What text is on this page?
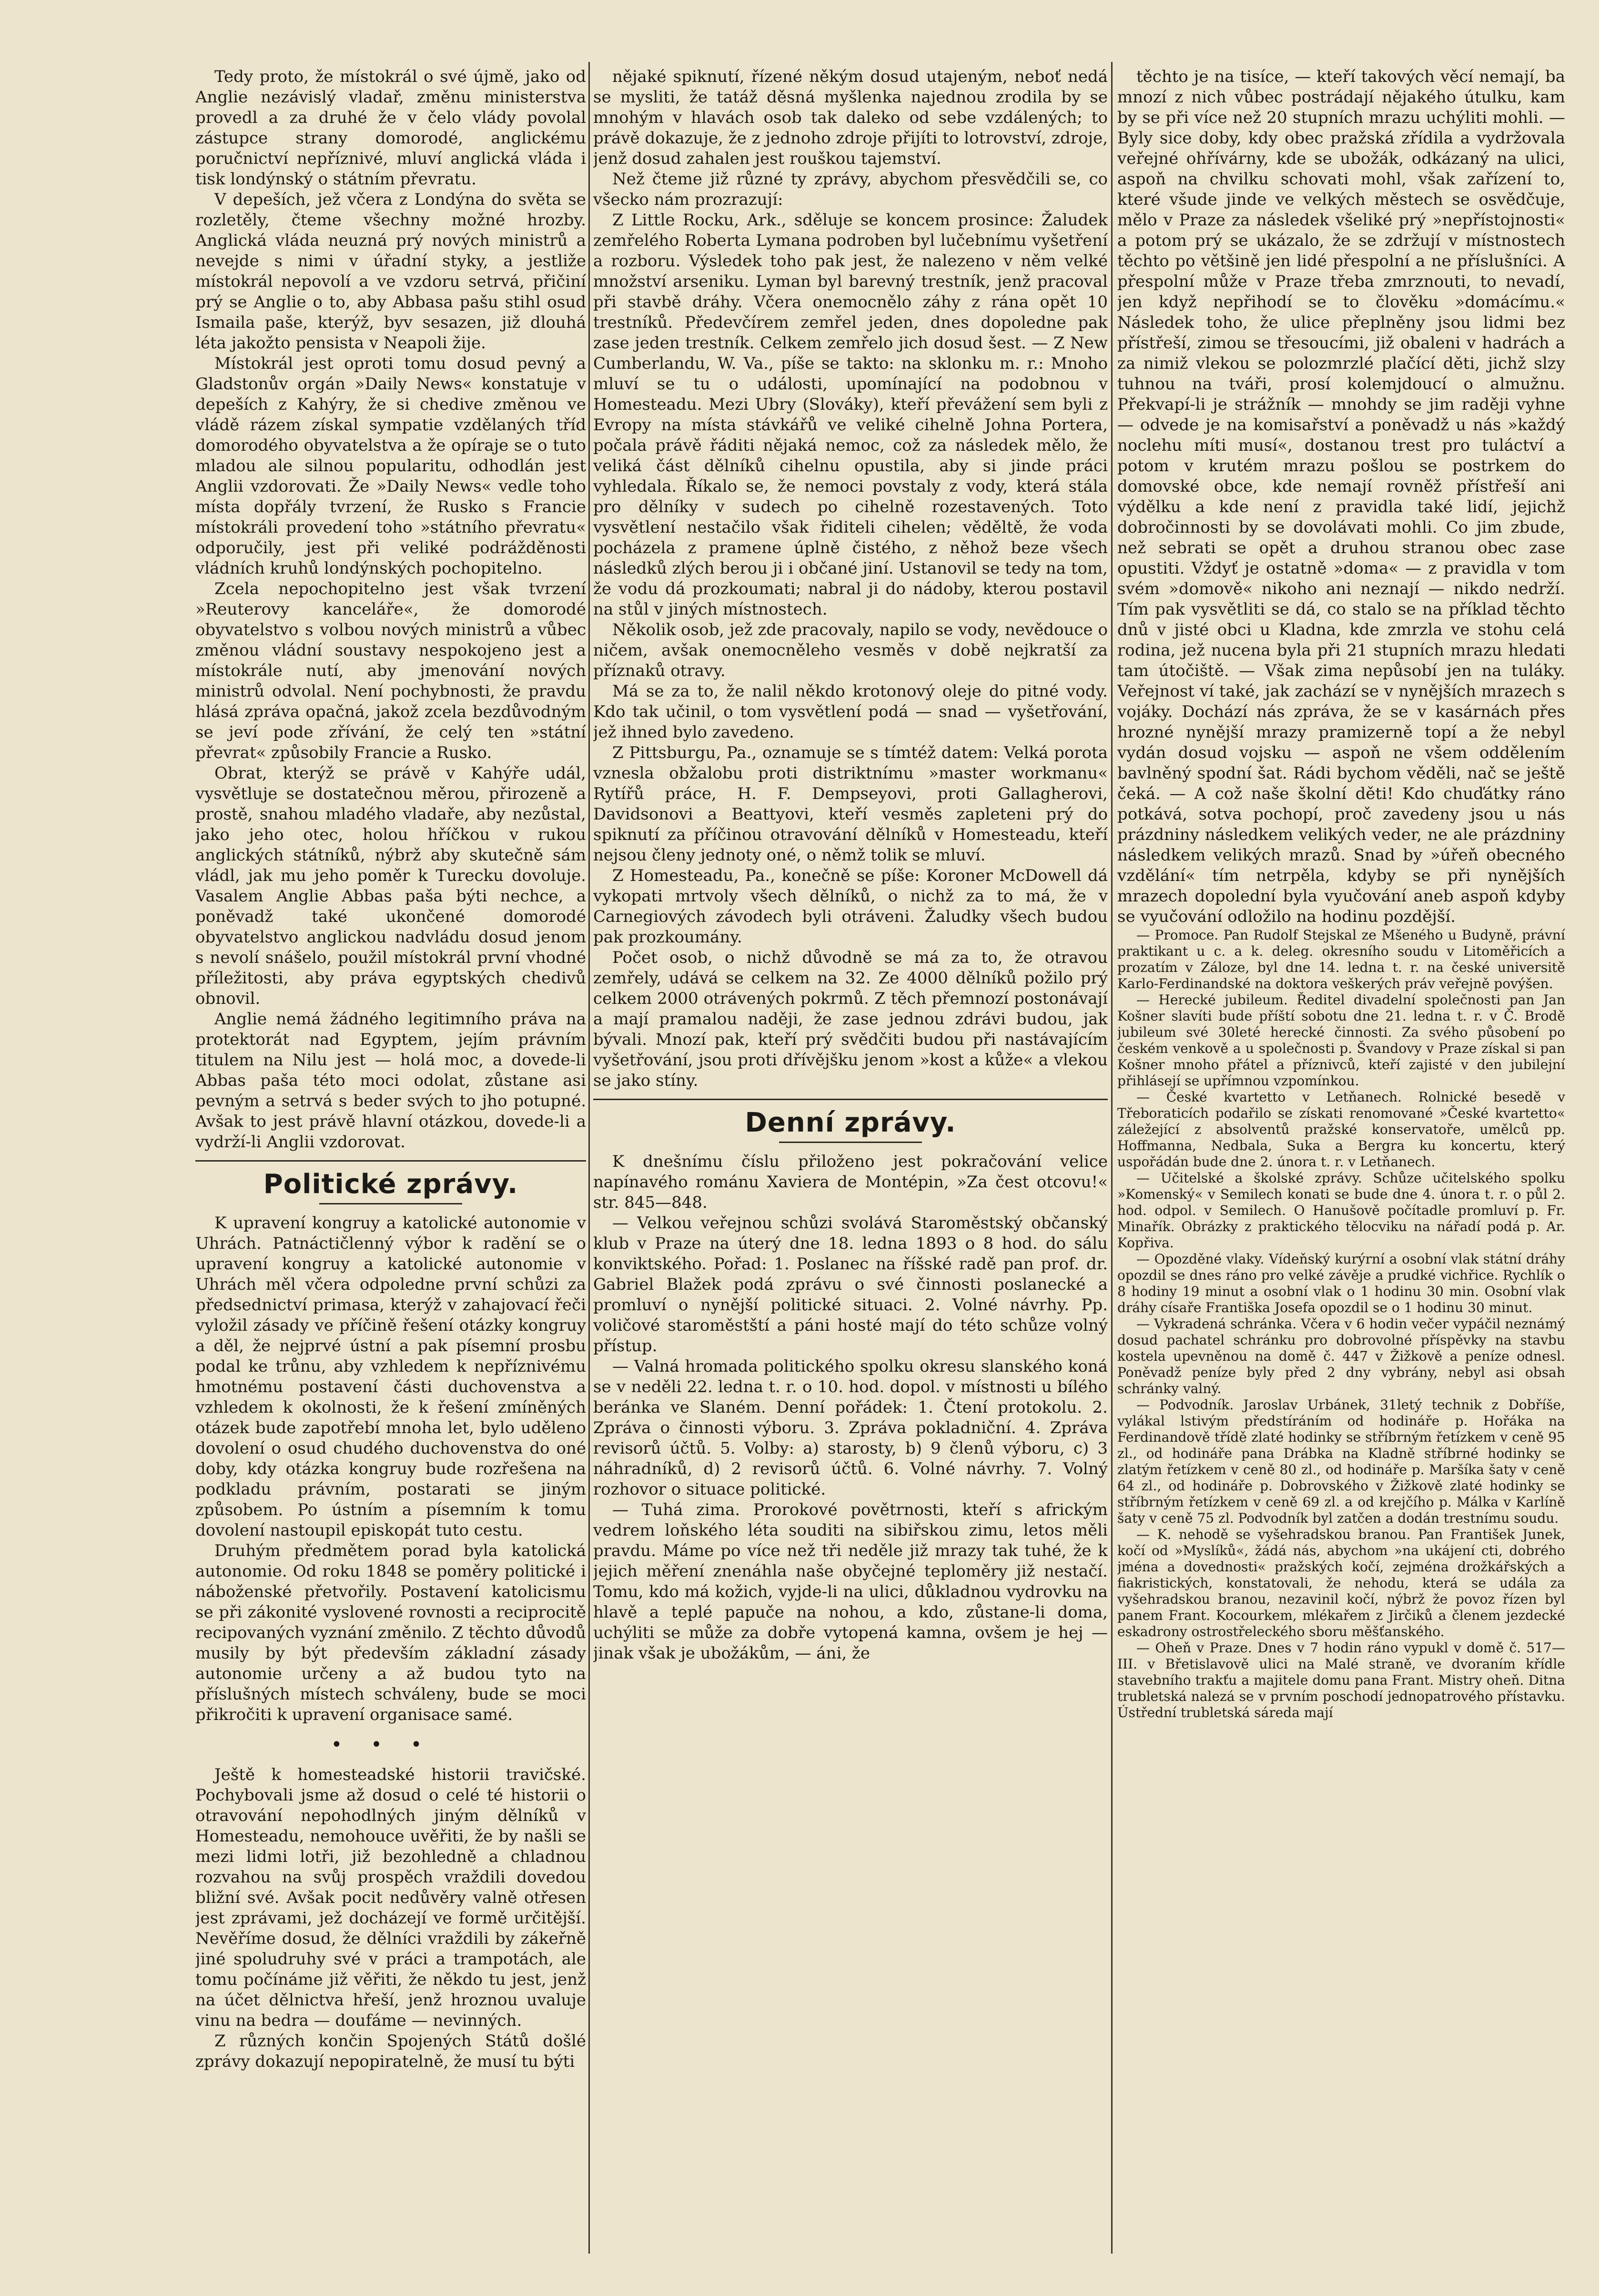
Tedy proto, že místokrál o své újmě, jako od Anglie nezávislý vladař, změnu ministerstva provedl a za druhé že v čelo vlády povolal zástupce strany domorodé, anglickému poručnictví nepříznivé, mluví anglická vláda i tisk londýnský o státním převratu.

V depeších, jež včera z Londýna do světa se rozletěly, čteme všechny možné hrozby. Anglická vláda neuzná prý nových ministrů a nevejde s nimi v úřadní styky, a jestliže místokrál nepovolí a ve vzdoru setrvá, přičiní prý se Anglie o to, aby Abbasa pašu stihl osud Ismaila paše, kterýž, byv sesazen, již dlouhá léta jakožto pensista v Neapoli žije.

Místokrál jest oproti tomu dosud pevný a Gladstonův orgán »Daily News« konstatuje v depeších z Kahýry, že si chedive změnou ve vládě rázem získal sympatie vzdělaných tříd domorodého obyvatelstva a že opíraje se o tuto mladou ale silnou popularitu, odhodlán jest Anglii vzdorovati. Že »Daily News« vedle toho místa dopřály tvrzení, že Rusko s Francie místokráli provedení toho »státního převratu« odporučily, jest při veliké podrážděnosti vládních kruhů londýnských pochopitelno.

Zcela nepochopitelno jest však tvrzení »Reuterovy kanceláře«, že domorodé obyvatelstvo s volbou nových ministrů a vůbec změnou vládní soustavy nespokojeno jest a místokrále nutí, aby jmenování nových ministrů odvolal. Není pochybnosti, že pravdu hlásá zpráva opačná, jakož zcela bezdůvodným se jeví pode zřívání, že celý ten »státní převrat« způsobily Francie a Rusko.

Obrat, kterýž se právě v Kahýře udál, vysvětluje se dostatečnou měrou, přirozeně a prostě, snahou mladého vladaře, aby nezůstal, jako jeho otec, holou hříčkou v rukou anglických státníků, nýbrž aby skutečně sám vládl, jak mu jeho poměr k Turecku dovoluje. Vasalem Anglie Abbas paša býti nechce, a poněvadž také ukončené domorodé obyvatelstvo anglickou nadvládu dosud jenom s nevolí snášelo, použil místokrál první vhodné příležitosti, aby práva egyptských chedivů obnovil.

Anglie nemá žádného legitimního práva na protektorát nad Egyptem, jejím právním titulem na Nilu jest — holá moc, a dovede-li Abbas paša této moci odolat, zůstane asi pevným a setrvá s beder svých to jho potupné. Avšak to jest právě hlavní otázkou, dovede-li a vydrží-li Anglii vzdorovat.

Politické zprávy.

K upravení kongruy a katolické autonomie v Uhrách. Patnáctičlenný výbor k radění se o upravení kongruy a katolické autonomie v Uhrách měl včera odpoledne první schůzi za předsednictví primasa, kterýž v zahajovací řeči vyložil zásady ve příčině řešení otázky kongruy a děl, že nejprvé ústní a pak písemní prosbu podal ke trůnu, aby vzhledem k nepříznivému hmotnému postavení části duchovenstva a vzhledem k okolnosti, že k řešení zmíněných otázek bude zapotřebí mnoha let, bylo uděleno dovolení o osud chudého duchovenstva do oné doby, kdy otázka kongruy bude rozřešena na podkladu právním, postarati se jiným způsobem. Po ústním a písemním k tomu dovolení nastoupil episkopát tuto cestu.

Druhým předmětem porad byla katolická autonomie. Od roku 1848 se poměry politické i náboženské přetvořily. Postavení katolicismu se při zákonité vyslovené rovnosti a reciprocitě recipovaných vyznání změnilo. Z těchto důvodů musily by být především základní zásady autonomie určeny a až budou tyto na příslušných místech schváleny, bude se moci přikročiti k upravení organisace samé.

•••

Ještě k homesteadské historii travičské. Pochybovali jsme až dosud o celé té historii o otravování nepohodlných jiným dělníků v Homesteadu, nemohouce uvěřiti, že by našli se mezi lidmi lotři, již bezohledně a chladnou rozvahou na svůj prospěch vraždili dovedou bližní své. Avšak pocit nedůvěry valně otřesen jest zprávami, jež docházejí ve formě určitější. Nevěříme dosud, že dělníci vraždili by zákeřně jiné spoludruhy své v práci a trampotách, ale tomu počínáme již věřiti, že někdo tu jest, jenž na účet dělnictva hřeší, jenž hroznou uvaluje vinu na bedra — doufáme — nevinných.

Z různých končin Spojených Států došlé zprávy dokazují nepopiratelně, že musí tu býti

nějaké spiknutí, řízené někým dosud utajeným, neboť nedá se mysliti, že tatáž děsná myšlenka najednou zrodila by se mnohým v hlavách osob tak daleko od sebe vzdálených; to právě dokazuje, že z jednoho zdroje přijíti to lotrovství, zdroje, jenž dosud zahalen jest rouškou tajemství.

Než čteme již různé ty zprávy, abychom přesvědčili se, co všecko nám prozrazují:

Z Little Rocku, Ark., sděluje se koncem prosince: Žaludek zemřelého Roberta Lymana podroben byl lučebnímu vyšetření a rozboru. Výsledek toho pak jest, že nalezeno v něm velké množství arseniku. Lyman byl barevný trestník, jenž pracoval při stavbě dráhy. Včera onemocnělo záhy z rána opět 10 trestníků. Předevčírem zemřel jeden, dnes dopoledne pak zase jeden trestník. Celkem zemřelo jich dosud šest. — Z New Cumberlandu, W. Va., píše se takto: na sklonku m. r.: Mnoho mluví se tu o události, upomínající na podobnou v Homesteadu. Mezi Ubry (Slováky), kteří převážení sem byli z Evropy na místa stávkářů ve veliké cihelně Johna Portera, počala právě řáditi nějaká nemoc, což za následek mělo, že veliká část dělníků cihelnu opustila, aby si jinde práci vyhledala. Říkalo se, že nemoci povstaly z vody, která stála pro dělníky v sudech po cihelně rozestavených. Toto vysvětlení nestačilo však řiditeli cihelen; věděltě, že voda pocházela z pramene úplně čistého, z něhož beze všech následků zlých berou ji i občané jiní. Ustanovil se tedy na tom, že vodu dá prozkoumati; nabral ji do nádoby, kterou postavil na stůl v jiných místnostech.

Několik osob, jež zde pracovaly, napilo se vody, nevědouce o ničem, avšak onemocněleho vesměs v době nejkratší za příznaků otravy.

Má se za to, že nalil někdo krotonový oleje do pitné vody. Kdo tak učinil, o tom vysvětlení podá — snad — vyšetřování, jež ihned bylo zavedeno.

Z Pittsburgu, Pa., oznamuje se s tímtéž datem: Velká porota vznesla obžalobu proti distriktnímu »master workmanu« Rytířů práce, H. F. Dempseyovi, proti Gallagherovi, Davidsonovi a Beattyovi, kteří vesměs zapleteni prý do spiknutí za příčinou otravování dělníků v Homesteadu, kteří nejsou členy jednoty oné, o němž tolik se mluví.

Z Homesteadu, Pa., konečně se píše: Koroner McDowell dá vykopati mrtvoly všech dělníků, o nichž za to má, že v Carnegiových závodech byli otráveni. Žaludky všech budou pak prozkoumány.

Počet osob, o nichž důvodně se má za to, že otravou zemřely, udává se celkem na 32. Ze 4000 dělníků požilo prý celkem 2000 otrávených pokrmů. Z těch přemnozí postonávají a mají pramalou naději, že zase jednou zdrávi budou, jak bývali. Mnozí pak, kteří prý svědčiti budou při nastávajícím vyšetřování, jsou proti dřívějšku jenom »kost a kůže« a vlekou se jako stíny.

Denní zprávy.

K dnešnímu číslu přiloženo jest pokračování velice napínavého románu Xaviera de Montépin, »Za čest otcovu!« str. 845—848.

— Velkou veřejnou schůzi svolává Staroměstský občanský klub v Praze na úterý dne 18. ledna 1893 o 8 hod. do sálu konviktského. Pořad: 1. Poslanec na říšské radě pan prof. dr. Gabriel Blažek podá zprávu o své činnosti poslanecké a promluví o nynější politické situaci. 2. Volné návrhy. Pp. voličové staroměstští a páni hosté mají do této schůze volný přístup.

— Valná hromada politického spolku okresu slanského koná se v neděli 22. ledna t. r. o 10. hod. dopol. v místnosti u bílého beránka ve Slaném. Denní pořádek: 1. Čtení protokolu. 2. Zpráva o činnosti výboru. 3. Zpráva pokladniční. 4. Zpráva revisorů účtů. 5. Volby: a) starosty, b) 9 členů výboru, c) 3 náhradníků, d) 2 revisorů účtů. 6. Volné návrhy. 7. Volný rozhovor o situace politické.

— Tuhá zima. Prorokové povětrnosti, kteří s africkým vedrem loňského léta souditi na sibiřskou zimu, letos měli pravdu. Máme po více než tři neděle již mrazy tak tuhé, že k jejich měření znenáhla naše obyčejné teploměry již nestačí. Tomu, kdo má kožich, vyjde-li na ulici, důkladnou vydrovku na hlavě a teplé papuče na nohou, a kdo, zůstane-li doma, uchýliti se může za dobře vytopená kamna, ovšem je hej — jinak však je ubožákům, — áni, že

těchto je na tisíce, — kteří takových věcí nemají, ba mnozí z nich vůbec postrádají nějakého útulku, kam by se při více než 20 stupních mrazu uchýliti mohli. — Byly sice doby, kdy obec pražská zřídila a vydržovala veřejné ohřívárny, kde se ubožák, odkázaný na ulici, aspoň na chvilku schovati mohl, však zařízení to, které všude jinde ve velkých městech se osvědčuje, mělo v Praze za následek všeliké prý »nepřístojnosti« a potom prý se ukázalo, že se zdržují v místnostech těchto po většině jen lidé přespolní a ne příslušníci. A přespolní může v Praze třeba zmrznouti, to nevadí, jen když nepřihodí se to člověku »domácímu.« Následek toho, že ulice přeplněny jsou lidmi bez přístřeší, zimou se třesoucími, již obaleni v hadrách a za nimiž vlekou se polozmrzlé plačící děti, jichž slzy tuhnou na tváři, prosí kolemjdoucí o almužnu. Překvapí-li je strážník — mnohdy se jim raději vyhne — odvede je na komisařství a poněvadž u nás »každý noclehu míti musí«, dostanou trest pro tuláctví a potom v krutém mrazu pošlou se postrkem do domovské obce, kde nemají rovněž přístřeší ani výdělku a kde není z pravidla také lidí, jejichž dobročinnosti by se dovolávati mohli. Co jim zbude, než sebrati se opět a druhou stranou obec zase opustiti. Vždyť je ostatně »doma« — z pravidla v tom svém »domově« nikoho ani neznají — nikdo nedrží. Tím pak vysvětliti se dá, co stalo se na příklad těchto dnů v jisté obci u Kladna, kde zmrzla ve stohu celá rodina, jež nucena byla při 21 stupních mrazu hledati tam útočiště. — Však zima nepůsobí jen na tuláky. Veřejnost ví také, jak zachází se v nynějších mrazech s vojáky. Dochází nás zpráva, že se v kasárnách přes hrozné nynější mrazy pramizerně topí a že nebyl vydán dosud vojsku — aspoň ne všem oddělením bavlněný spodní šat. Rádi bychom věděli, nač se ještě čeká. — A což naše školní děti! Kdo chuďátky ráno potkává, sotva pochopí, proč zavedeny jsou u nás prázdniny následkem velikých veder, ne ale prázdniny následkem velikých mrazů. Snad by »úřeň obecného vzdělání« tím netrpěla, kdyby se při nynějších mrazech dopolední byla vyučování aneb aspoň kdyby se vyučování odložilo na hodinu pozdější.

— Promoce. Pan Rudolf Stejskal ze Mšeného u Budyně, právní praktikant u c. a k. deleg. okresního soudu v Litoměřicích a prozatím v Záloze, byl dne 14. ledna t. r. na české universitě Karlo-Ferdinandské na doktora veškerých práv veřejně povýšen.

— Herecké jubileum. Ředitel divadelní společnosti pan Jan Košner slavíti bude příští sobotu dne 21. ledna t. r. v Č. Brodě jubileum své 30leté herecké činnosti. Za svého působení po českém venkově a u společnosti p. Švandovy v Praze získal si pan Košner mnoho přátel a příznivců, kteří zajisté v den jubilejní přihlásejí se upřímnou vzpomínkou.

— České kvartetto v Letňanech. Rolnické besedě v Třeboraticích podařilo se získati renomované »České kvartetto« záležející z absolventů pražské konservatoře, umělců pp. Hoffmanna, Nedbala, Suka a Bergra ku koncertu, který uspořádán bude dne 2. února t. r. v Letňanech.

— Učitelské a školské zprávy. Schůze učitelského spolku »Komenský« v Semilech konati se bude dne 4. února t. r. o půl 2. hod. odpol. v Semilech. O Hanušově počítadle promluví p. Fr. Minařík. Obrázky z praktického tělocviku na nářadí podá p. Ar. Kopřiva.

— Opozděné vlaky. Vídeňský kurýrní a osobní vlak státní dráhy opozdil se dnes ráno pro velké závěje a prudké vichřice. Rychlík o 8 hodiny 19 minut a osobní vlak o 1 hodinu 30 min. Osobní vlak dráhy císaře Františka Josefa opozdil se o 1 hodinu 30 minut.

— Vykradená schránka. Včera v 6 hodin večer vypáčil neznámý dosud pachatel schránku pro dobrovolné příspěvky na stavbu kostela upevněnou na domě č. 447 v Žižkově a peníze odnesl. Poněvadž peníze byly před 2 dny vybrány, nebyl asi obsah schránky valný.

— Podvodník. Jaroslav Urbánek, 31letý technik z Dobříše, vylákal lstivým předstíráním od hodináře p. Hořáka na Ferdinandově třídě zlaté hodinky se stříbrným řetízkem v ceně 95 zl., od hodináře pana Drábka na Kladně stříbrné hodinky se zlatým řetízkem v ceně 80 zl., od hodináře p. Maršíka šaty v ceně 64 zl., od hodináře p. Dobrovského v Žižkově zlaté hodinky se stříbrným řetízkem v ceně 69 zl. a od krejčího p. Málka v Karlíně šaty v ceně 75 zl. Podvodník byl zatčen a dodán trestnímu soudu.

— K. nehodě se vyšehradskou branou. Pan František Junek, kočí od »Myslíků«, žádá nás, abychom »na ukájení cti, dobrého jména a dovednosti« pražských kočí, zejména drožkářských a fiakristických, konstatovali, že nehodu, která se udála za vyšehradskou branou, nezavinil kočí, nýbrž že povoz řízen byl panem Frant. Kocourkem, mlékařem z Jirčiků a členem jezdecké eskadrony ostrostřeleckého sboru měšťanského.

— Oheň v Praze. Dnes v 7 hodin ráno vypukl v domě č. 517—III. v Břetislavově ulici na Malé straně, ve dvoraním křídle stavebního trakťu a majitele domu pana Frant. Mistry oheň. Ditna trubletská nalezá se v prvním poschodí jednopatrového přístavku. Ústřední trubletská sáreda mají
